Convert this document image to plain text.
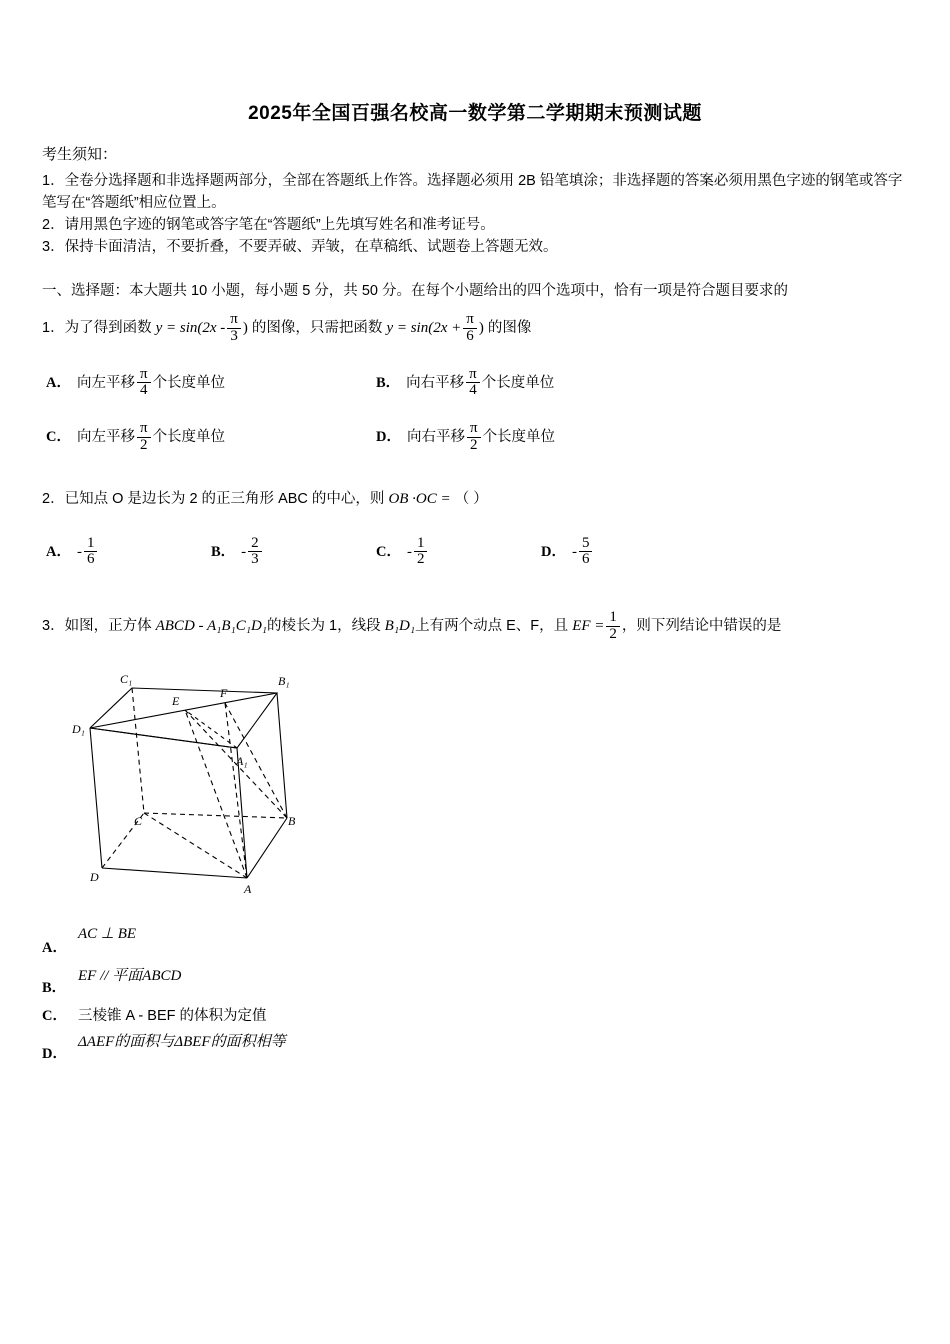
2025年全国百强名校高一数学第二学期期末预测试题
考生须知：

1．全卷分选择题和非选择题两部分，全部在答题纸上作答。选择题必须用 2B 铅笔填涂；非选择题的答案必须用黑色字迹的钢笔或答字笔写在“答题纸”相应位置上。

2．请用黑色字迹的钢笔或答字笔在“答题纸”上先填写姓名和准考证号。

3．保持卡面清洁，不要折叠，不要弄破、弄皱，在草稿纸、试题卷上答题无效。

一、选择题：本大题共 10 小题，每小题 5 分，共 50 分。在每个小题给出的四个选项中，恰有一项是符合题目要求的
1．为了得到函数 $y = \sin(2x - \frac{\pi}{3}$ ) 的图像，只需把函数 $y = \sin(2x + \frac{\pi}{6}$ ) 的图像
A． 向左平移 $\frac{\pi}{4}$ 个长度单位	B． 向右平移 $\frac{\pi}{4}$ 个长度单位
C． 向左平移 $\frac{\pi}{2}$ 个长度单位	D． 向右平移 $\frac{\pi}{2}$ 个长度单位
2．已知点 O 是边长为 2 的正三角形 ABC 的中心，则 OB ·OC = （ ）
A． - $\frac{1}{6}$	B． - $\frac{2}{3}$	C． - $\frac{1}{2}$	D． - $\frac{5}{6}$
3．如图，正方体 ABCD - A₁B₁C₁D₁的棱长为 1，线段 B₁D₁上有两个动点 E、F，且 EF = $\frac{1}{2}$ ，则下列结论中错误的是
C₁	B₁
E
F
D₁
A₁
C	B
D
A
A．
AC ⊥ BE
B．
EF // 平面ABCD
C． 三棱锥 A - BEF 的体积为定值
D．
ΔAEF的面积与ΔBEF的面积相等
